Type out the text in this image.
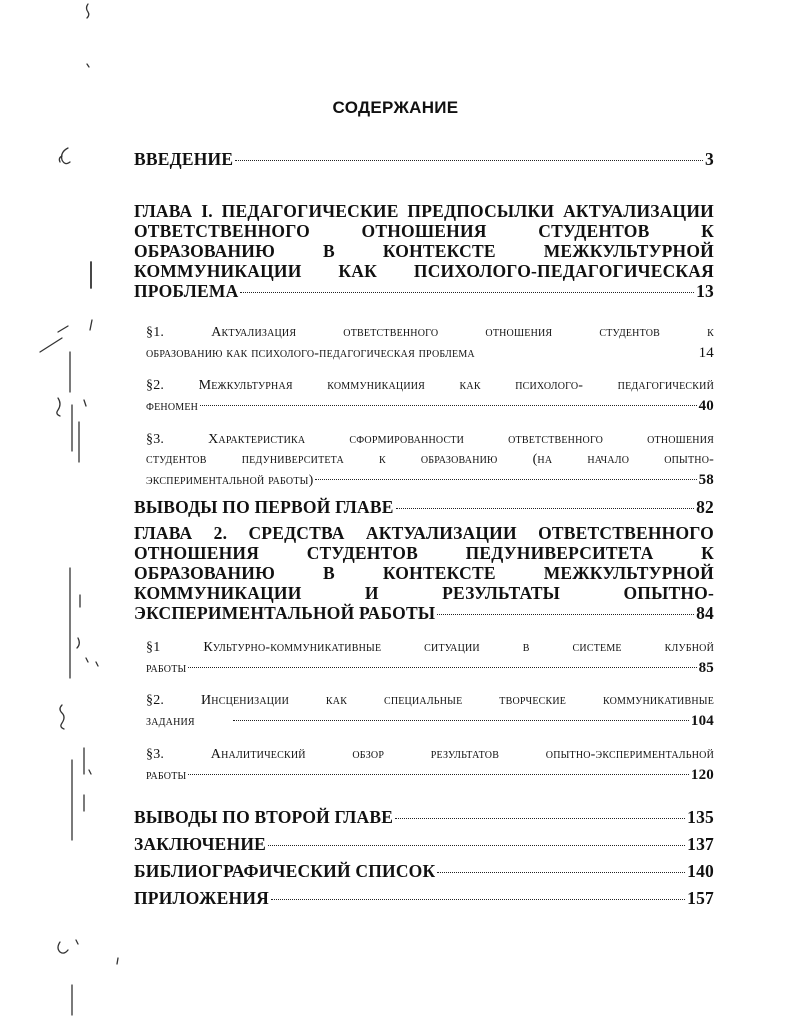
СОДЕРЖАНИЕ
ВВЕДЕНИЕ	3
ГЛАВА I. ПЕДАГОГИЧЕСКИЕ ПРЕДПОСЫЛКИ АКТУАЛИЗАЦИИ
ОТВЕТСТВЕННОГО ОТНОШЕНИЯ СТУДЕНТОВ К
ОБРАЗОВАНИЮ В КОНТЕКСТЕ МЕЖКУЛЬТУРНОЙ
КОММУНИКАЦИИ КАК ПСИХОЛОГО-ПЕДАГОГИЧЕСКАЯ
ПРОБЛЕМА	13
§1. Актуализация ответственного отношения студентов к
образованию как психолого-педагогическая проблема	14
§2. Межкультурная коммуникациия как психолого- педагогический
феномен	40
§3. Характеристика сформированности ответственного отношения
студентов педуниверситета к образованию (на начало опытно-
экспериментальной работы)	58
ВЫВОДЫ ПО ПЕРВОЙ ГЛАВЕ	82
ГЛАВА 2. СРЕДСТВА АКТУАЛИЗАЦИИ ОТВЕТСТВЕННОГО
ОТНОШЕНИЯ СТУДЕНТОВ ПЕДУНИВЕРСИТЕТА К
ОБРАЗОВАНИЮ В КОНТЕКСТЕ МЕЖКУЛЬТУРНОЙ
КОММУНИКАЦИИ И РЕЗУЛЬТАТЫ ОПЫТНО-
ЭКСПЕРИМЕНТАЛЬНОЙ РАБОТЫ	84
§1 Культурно-коммуникативные ситуации в системе клубной
работы	85
§2. Инсценизации как специальные творческие коммуникативные
задания	104
§3. Аналитический обзор результатов опытно-экспериментальной
работы	120
ВЫВОДЫ ПО ВТОРОЙ ГЛАВЕ	135
ЗАКЛЮЧЕНИЕ	137
БИБЛИОГРАФИЧЕСКИЙ СПИСОК	140
ПРИЛОЖЕНИЯ	157
